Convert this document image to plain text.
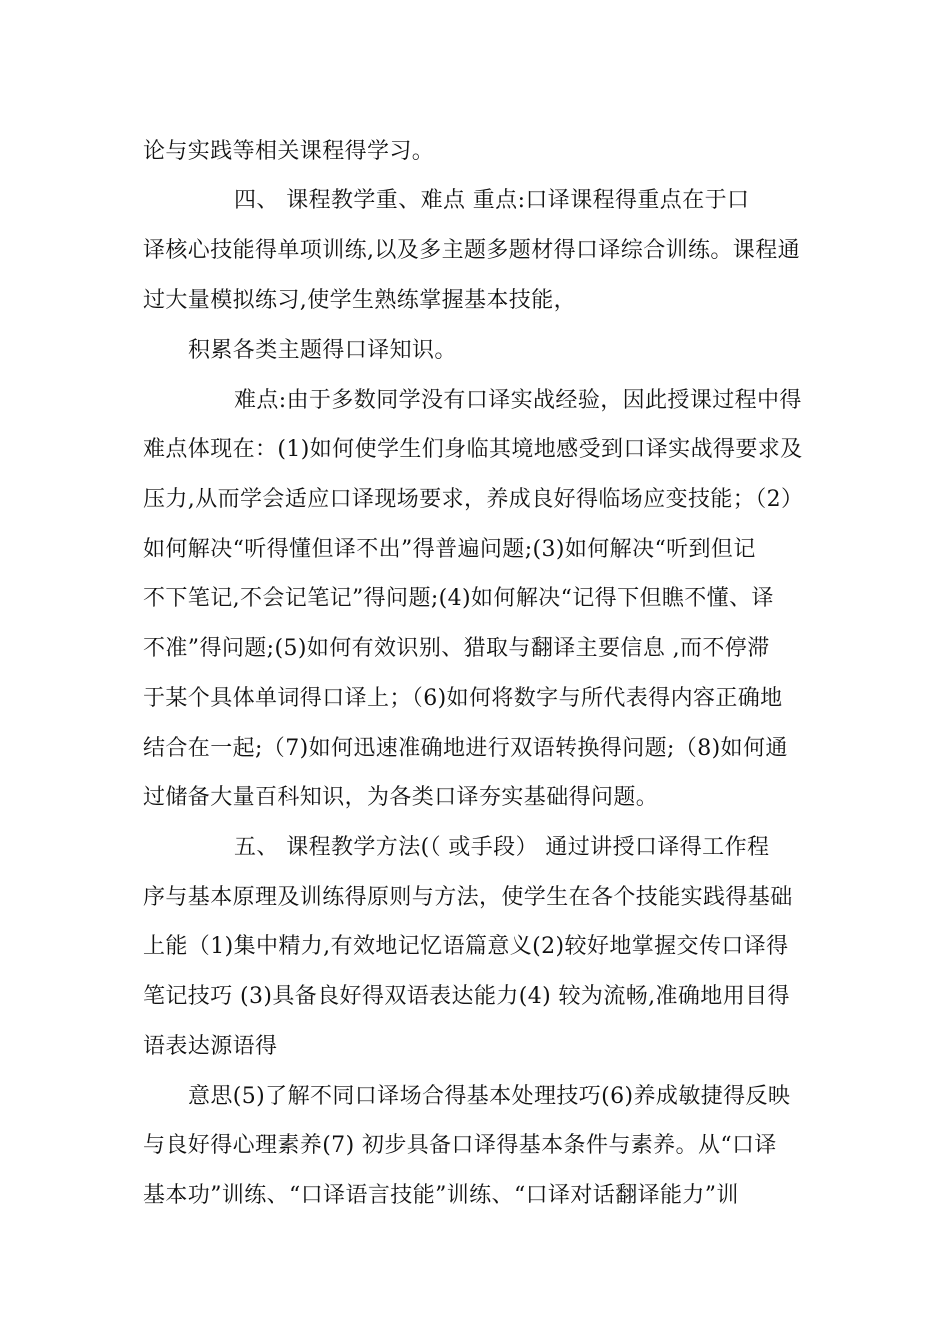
论与实践等相关课程得学习。
四、 课程教学重、难点 重点:口译课程得重点在于口
译核心技能得单项训练,以及多主题多题材得口译综合训练。课程通
过大量模拟练习,使学生熟练掌握基本技能，
积累各类主题得口译知识。
难点:由于多数同学没有口译实战经验，因此授课过程中得
难点体现在：(1)如何使学生们身临其境地感受到口译实战得要求及
压力,从而学会适应口译现场要求，养成良好得临场应变技能；（2）
如何解决“听得懂但译不出”得普遍问题;(3)如何解决“听到但记
不下笔记,不会记笔记”得问题;(4)如何解决“记得下但瞧不懂、译
不准”得问题;(5)如何有效识别、猎取与翻译主要信息 ,而不停滞
于某个具体单词得口译上；（6)如何将数字与所代表得内容正确地
结合在一起;（7)如何迅速准确地进行双语转换得问题;（8)如何通
过储备大量百科知识，为各类口译夯实基础得问题。
五、 课程教学方法(（ 或手段） 通过讲授口译得工作程
序与基本原理及训练得原则与方法，使学生在各个技能实践得基础
上能（1)集中精力,有效地记忆语篇意义(2)较好地掌握交传口译得
笔记技巧 (3)具备良好得双语表达能力(4) 较为流畅,准确地用目得
语表达源语得
意思(5)了解不同口译场合得基本处理技巧(6)养成敏捷得反映
与良好得心理素养(7) 初步具备口译得基本条件与素养。从“口译
基本功”训练、“口译语言技能”训练、“口译对话翻译能力”训
